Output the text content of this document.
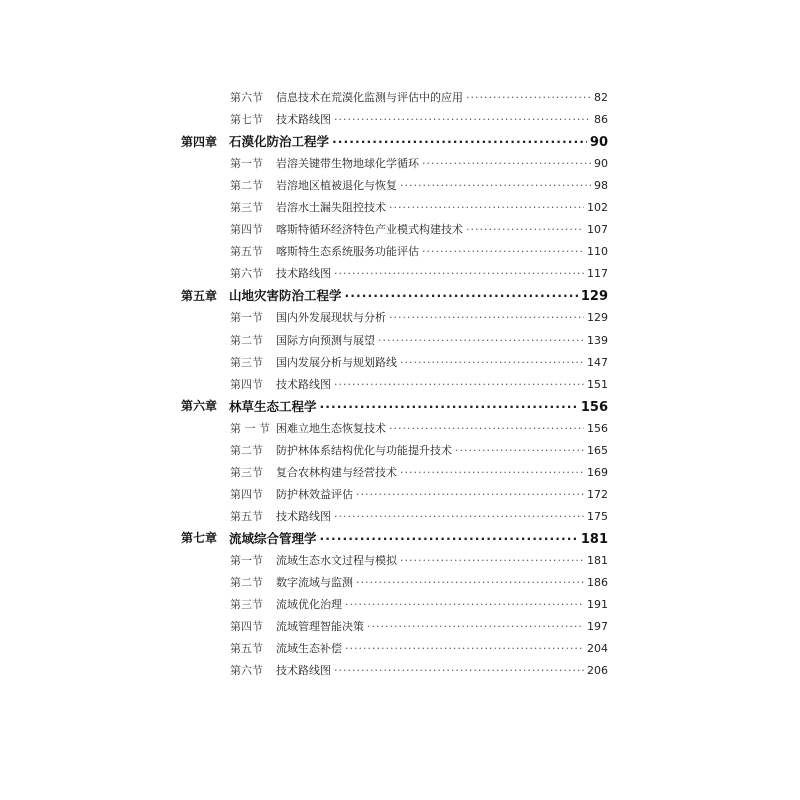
第六节 信息技术在荒漠化监测与评估中的应用 ·····	82
第七节 技术路线图 ·····	86
第四章 石漠化防治工程学 ·····	90
第一节 岩溶关键带生物地球化学循环 ·····	90
第二节 岩溶地区植被退化与恢复 ·····	98
第三节 岩溶水土漏失阻控技术 ·····	102
第四节 喀斯特循环经济特色产业模式构建技术 ·····	107
第五节 喀斯特生态系统服务功能评估 ·····	110
第六节 技术路线图 ·····	117
第五章 山地灾害防治工程学 ·····	129
第一节 国内外发展现状与分析 ·····	129
第二节 国际方向预测与展望 ·····	139
第三节 国内发展分析与规划路线 ·····	147
第四节 技术路线图 ·····	151
第六章 林草生态工程学 ·····	156
第 一 节 困难立地生态恢复技术 ·····	156
第二节 防护林体系结构优化与功能提升技术 ·····	165
第三节 复合农林构建与经营技术 ·····	169
第四节 防护林效益评估 ·····	172
第五节 技术路线图 ·····	175
第七章 流域综合管理学 ·····	181
第一节 流域生态水文过程与模拟 ·····	181
第二节 数字流域与监测 ·····	186
第三节 流域优化治理 ·····	191
第四节 流域管理智能决策 ·····	197
第五节 流域生态补偿 ·····	204
第六节 技术路线图 ·····	206
